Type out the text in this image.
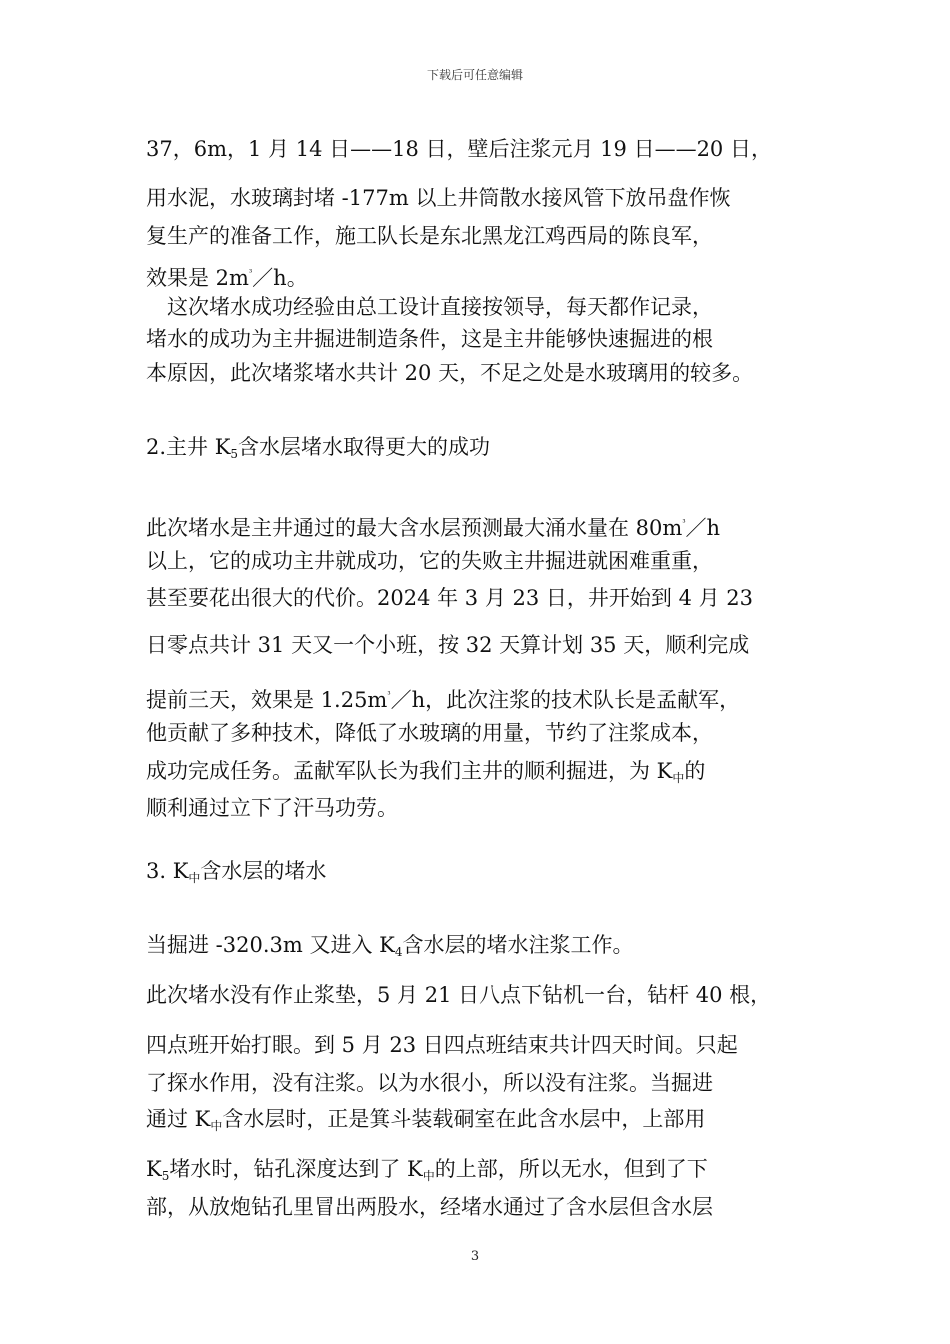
下载后可任意编辑
37，6m，1 月 14 日——18 日，壁后注浆元月 19 日——20 日，
用水泥，水玻璃封堵 -177m 以上井筒散水接风管下放吊盘作恢
复生产的准备工作，施工队长是东北黑龙江鸡西局的陈良军，
效果是 $2m^{^3}/h$。
　这次堵水成功经验由总工设计直接按领导，每天都作记录，
堵水的成功为主井掘进制造条件，这是主井能够快速掘进的根
本原因，此次堵浆堵水共计 20 天，不足之处是水玻璃用的较多。
2.主井 $K_5$含水层堵水取得更大的成功
此次堵水是主井通过的最大含水层预测最大涌水量在 $80m^{^3}/h$
以上，它的成功主井就成功，它的失败主井掘进就困难重重，
甚至要花出很大的代价。2024 年 3 月 23 日，井开始到 4 月 23
日零点共计 31 天又一个小班，按 32 天算计划 35 天，顺利完成
提前三天，效果是 $1.25m^{^3}/h$，此次注浆的技术队长是孟献军，
他贡献了多种技术，降低了水玻璃的用量，节约了注浆成本，
成功完成任务。孟献军队长为我们主井的顺利掘进，为 $K_中$的
顺利通过立下了汗马功劳。
3. $K_中$含水层的堵水
当掘进 -320.3m 又进入 $K_4$含水层的堵水注浆工作。
此次堵水没有作止浆垫，5 月 21 日八点下钻机一台，钻杆 40 根，
四点班开始打眼。到 5 月 23 日四点班结束共计四天时间。只起
了探水作用，没有注浆。以为水很小，所以没有注浆。当掘进
通过 $K_中$含水层时，正是箕斗装载硐室在此含水层中，上部用
$K_5$堵水时，钻孔深度达到了 $K_中$的上部，所以无水，但到了下
部，从放炮钻孔里冒出两股水，经堵水通过了含水层但含水层
3
